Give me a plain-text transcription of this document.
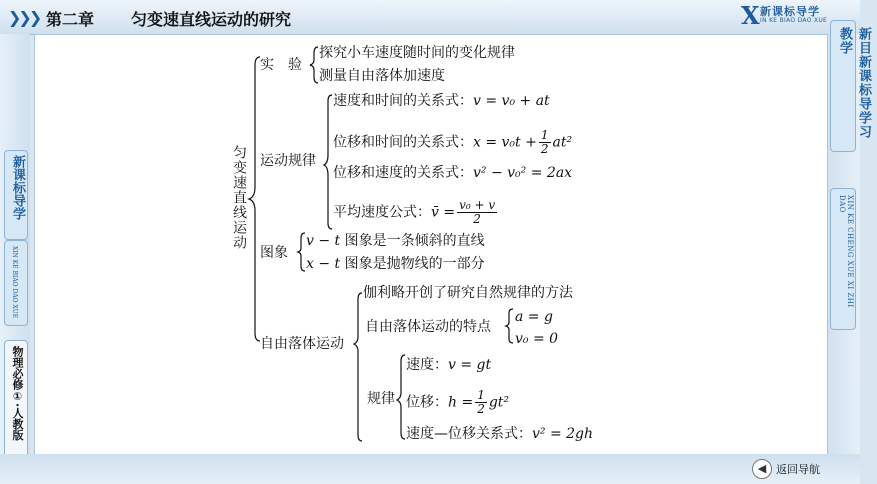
❯❯❯ 第二章 匀变速直线运动的研究	X 新课标导学
IN KE BIAO DAO XUE
新课标导学
XIN KE BIAO DAO XUE
物理必修①·人教版
新目新课标导学习教学
XIN KE CHENG XUE XI ZHI DAO
匀变速直线运动
实　验
探究小车速度随时间的变化规律
测量自由落体加速度
运动规律
速度和时间的关系式：v = v₀ + at
位移和时间的关系式：$x = v_0t + \frac{1}{2} at^2$
位移和速度的关系式：v² − v₀² = 2ax
平均速度公式：v̄ = $\frac{\text{v₀ + v}}{2}$
图象
v − t 图象是一条倾斜的直线
x − t 图象是抛物线的一部分
自由落体运动
伽利略开创了研究自然规律的方法
自由落体运动的特点
a = g
v₀ = 0
规律
速度：v = gt
位移：$h = \frac{1}{2} gt^2$
速度—位移关系式：v² = 2gh
◀ 返回导航
